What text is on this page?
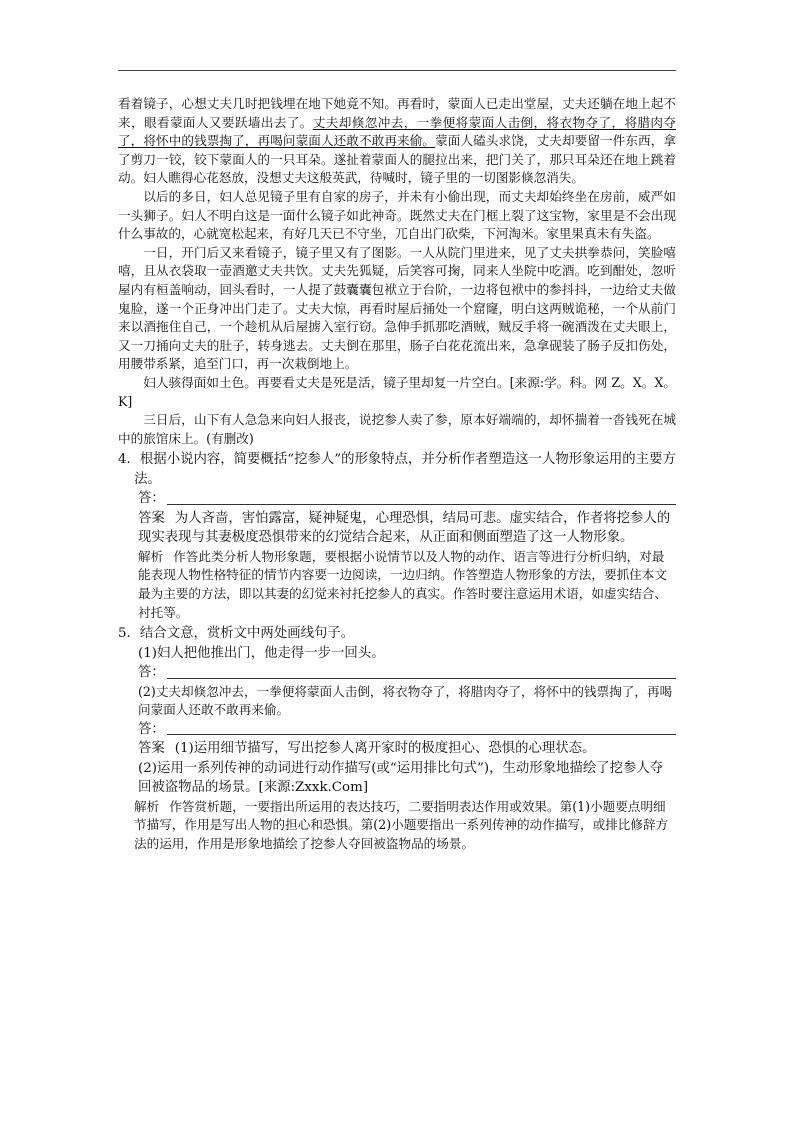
看着镜子，心想丈夫几时把钱埋在地下她竟不知。再看时，蒙面人已走出堂屋，丈夫还躺在地上起不来，眼看蒙面人又要跃墙出去了。丈夫却倏忽冲去，一拳便将蒙面人击倒，将衣物夺了，将腊肉夺了，将怀中的钱票掏了，再喝问蒙面人还敢不敢再来偷。蒙面人磕头求饶，丈夫却要留一件东西，拿了剪刀一铰，铰下蒙面人的一只耳朵。遂扯着蒙面人的腿拉出来，把门关了，那只耳朵还在地上跳着动。妇人瞧得心花怒放，没想丈夫这般英武，待喊时，镜子里的一切图影倏忽消失。

以后的多日，妇人总见镜子里有自家的房子，并未有小偷出现，而丈夫却始终坐在房前，威严如一头狮子。妇人不明白这是一面什么镜子如此神奇。既然丈夫在门框上裂了这宝物，家里是不会出现什么事故的，心就宽松起来，有好几天已不守坐，兀自出门砍柴，下河淘米。家里果真未有失盗。

一日，开门后又来看镜子，镜子里又有了图影。一人从院门里进来，见了丈夫拱拳恭问，笑脸嘻嘻，且从衣袋取一壶酒邀丈夫共饮。丈夫先狐疑，后笑容可掬，同来人坐院中吃酒。吃到酣处，忽听屋内有桓盖响动，回头看时，一人提了鼓囊囊包袱立于台阶，一边将包袱中的参抖抖，一边给丈夫做鬼脸，遂一个正身冲出门走了。丈夫大惊，再看时屋后捅处一个窟窿，明白这两贼诡秘，一个从前门来以酒拖住自己，一个趁机从后屋掳入室行窃。急伸手抓那吃酒贼，贼反手将一碗酒泼在丈夫眼上，又一刀捅向丈夫的肚子，转身逃去。丈夫倒在那里，肠子白花花流出来，急拿砚装了肠子反扣伤处，用腰带系紧，追至门口，再一次栽倒地上。

妇人骇得面如土色。再要看丈夫是死是活，镜子里却复一片空白。[来源:学。科。网 Z。X。X。K]

三日后，山下有人急急来向妇人报丧，说挖参人卖了参，原本好端端的，却怀揣着一沓钱死在城中的旅馆床上。(有删改)

4．根据小说内容，简要概括“挖参人”的形象特点，并分析作者塑造这一人物形象运用的主要方法。
答：
答案 为人吝啬，害怕露富，疑神疑鬼，心理恐惧，结局可悲。虚实结合，作者将挖参人的现实表现与其妻极度恐惧带来的幻觉结合起来，从正面和侧面塑造了这一人物形象。
解析 作答此类分析人物形象题，要根据小说情节以及人物的动作、语言等进行分析归纳，对最能表现人物性格特征的情节内容要一边阅读，一边归纳。作答塑造人物形象的方法，要抓住本文最为主要的方法，即以其妻的幻觉来衬托挖参人的真实。作答时要注意运用术语，如虚实结合、衬托等。
5．结合文意，赏析文中两处画线句子。
(1)妇人把他推出门，他走得一步一回头。
答：
(2)丈夫却倏忽冲去，一拳便将蒙面人击倒，将衣物夺了，将腊肉夺了，将怀中的钱票掏了，再喝问蒙面人还敢不敢再来偷。
答：
答案 (1)运用细节描写，写出挖参人离开家时的极度担心、恐惧的心理状态。
(2)运用一系列传神的动词进行动作描写(或“运用排比句式”)，生动形象地描绘了挖参人夺回被盗物品的场景。[来源:Zxxk.Com]
解析 作答赏析题，一要指出所运用的表达技巧，二要指明表达作用或效果。第(1)小题要点明细节描写，作用是写出人物的担心和恐惧。第(2)小题要指出一系列传神的动作描写，或排比修辞方法的运用，作用是形象地描绘了挖参人夺回被盗物品的场景。
